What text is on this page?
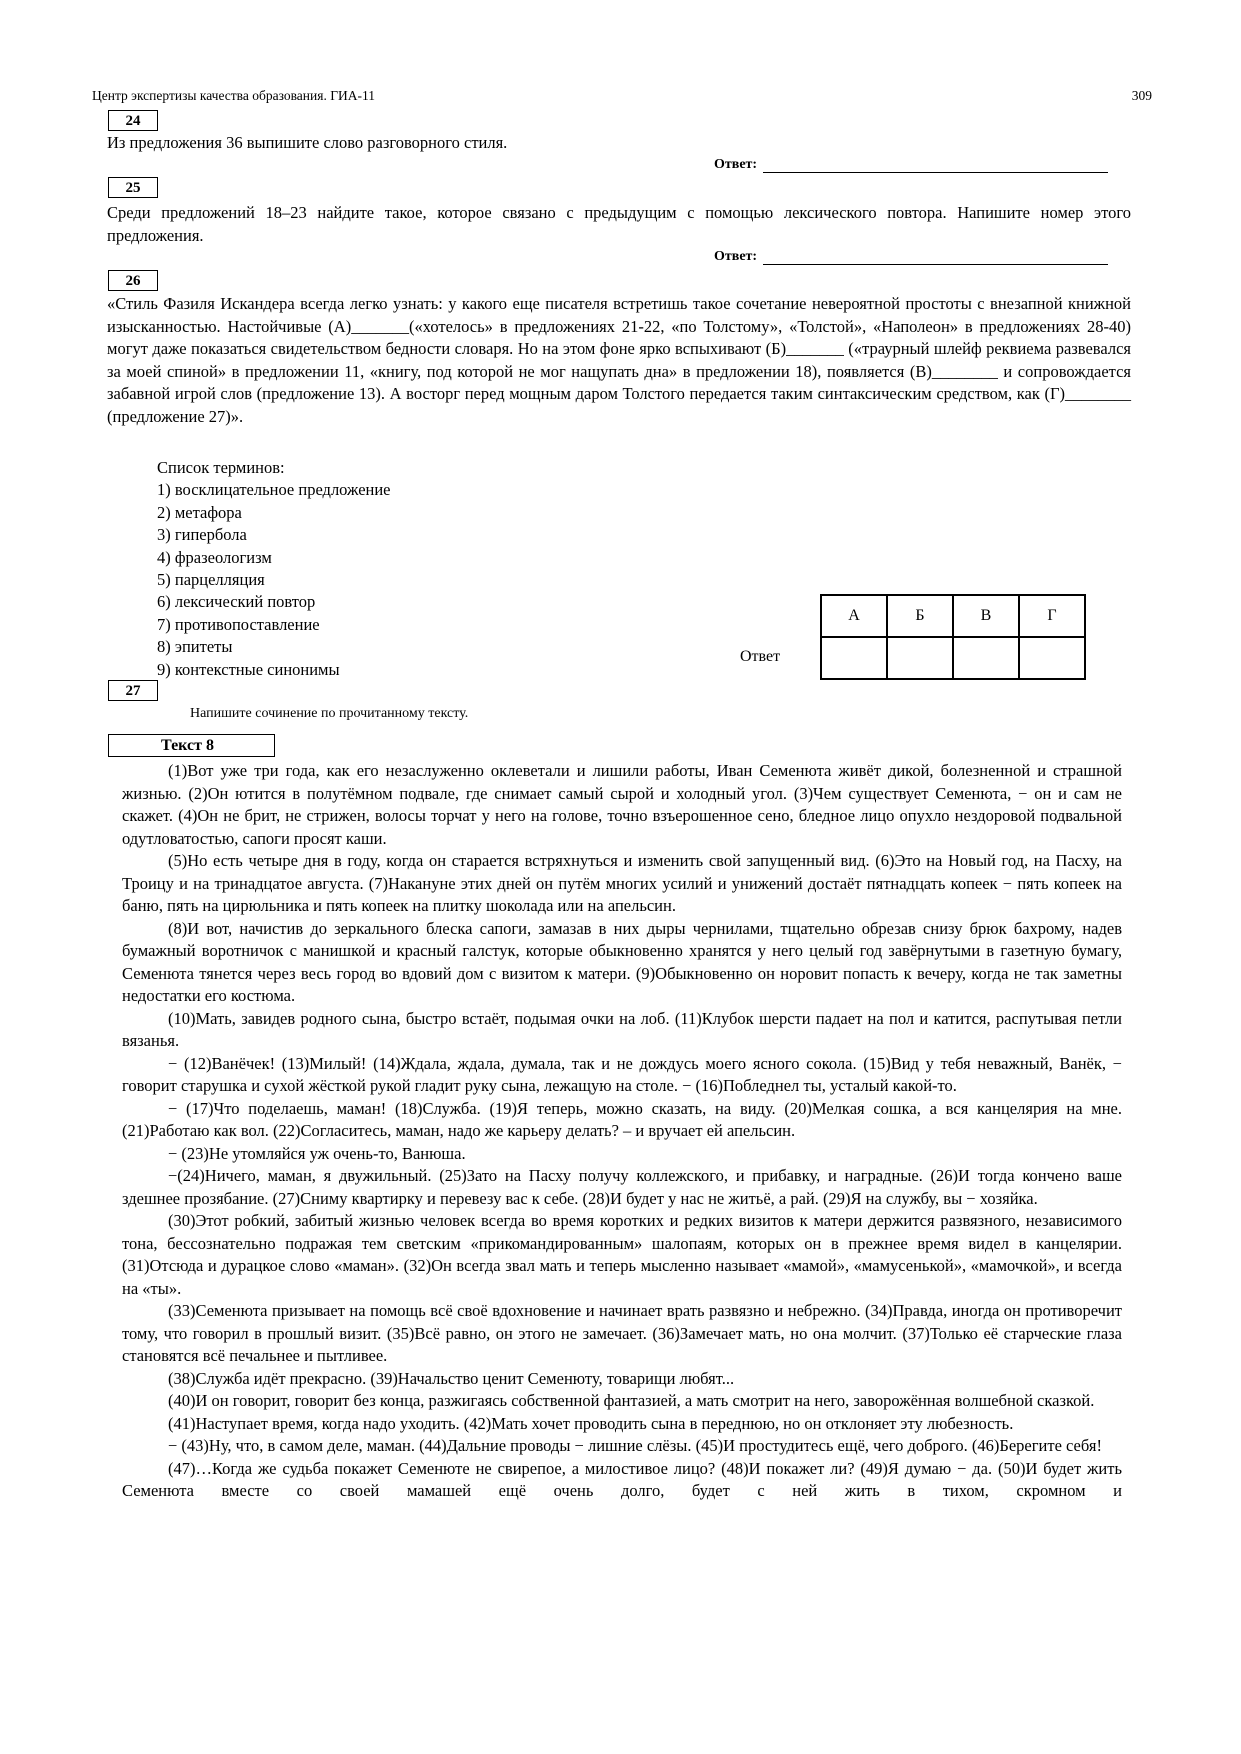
Центр экспертизы качества образования. ГИА-11	309
24

Из предложения 36 выпишите слово разговорного стиля.

Ответ:
25

Среди предложений 18–23 найдите такое, которое связано с предыдущим с помощью лексического повтора. Напишите номер этого предложения.

Ответ:
26

«Стиль Фазиля Искандера всегда легко узнать: у какого еще писателя встретишь такое сочетание невероятной простоты с внезапной книжной изысканностью. Настойчивые (А)_______(«хотелось» в предложениях 21-22, «по Толстому», «Толстой», «Наполеон» в предложениях 28-40) могут даже показаться свидетельством бедности словаря. Но на этом фоне ярко вспыхивают (Б)_______ («траурный шлейф реквиема развевался за моей спиной» в предложении 11, «книгу, под которой не мог нащупать дна» в предложении 18), появляется (В)________ и сопровождается забавной игрой слов (предложение 13). А восторг перед мощным даром Толстого передается таким синтаксическим средством, как (Г)________ (предложение 27)».

Список терминов:
1) восклицательное предложение
2) метафора
3) гипербола
4) фразеологизм
5) парцелляция
6) лексический повтор
7) противопоставление
8) эпитеты
9) контекстные синонимы
Ответ
А	Б	В	Г

27
Напишите сочинение по прочитанному тексту.
Текст 8

(1)Вот уже три года, как его незаслуженно оклеветали и лишили работы, Иван Семенюта живёт дикой, болезненной и страшной жизнью. (2)Он ютится в полутёмном подвале, где снимает самый сырой и холодный угол. (3)Чем существует Семенюта, − он и сам не скажет. (4)Он не брит, не стрижен, волосы торчат у него на голове, точно взъерошенное сено, бледное лицо опухло нездоровой подвальной одутловатостью, сапоги просят каши.

(5)Но есть четыре дня в году, когда он старается встряхнуться и изменить свой запущенный вид. (6)Это на Новый год, на Пасху, на Троицу и на тринадцатое августа. (7)Накануне этих дней он путём многих усилий и унижений достаёт пятнадцать копеек − пять копеек на баню, пять на цирюльника и пять копеек на плитку шоколада или на апельсин.

(8)И вот, начистив до зеркального блеска сапоги, замазав в них дыры чернилами, тщательно обрезав снизу брюк бахрому, надев бумажный воротничок с манишкой и красный галстук, которые обыкновенно хранятся у него целый год завёрнутыми в газетную бумагу, Семенюта тянется через весь город во вдовий дом с визитом к матери. (9)Обыкновенно он норовит попасть к вечеру, когда не так заметны недостатки его костюма.

(10)Мать, завидев родного сына, быстро встаёт, подымая очки на лоб. (11)Клубок шерсти падает на пол и катится, распутывая петли вязанья.

− (12)Ванёчек! (13)Милый! (14)Ждала, ждала, думала, так и не дождусь моего ясного сокола. (15)Вид у тебя неважный, Ванёк, − говорит старушка и сухой жёсткой рукой гладит руку сына, лежащую на столе. − (16)Побледнел ты, усталый какой-то.

− (17)Что поделаешь, маман! (18)Служба. (19)Я теперь, можно сказать, на виду. (20)Мелкая сошка, а вся канцелярия на мне. (21)Работаю как вол. (22)Согласитесь, маман, надо же карьеру делать? – и вручает ей апельсин.

− (23)Не утомляйся уж очень-то, Ванюша.

−(24)Ничего, маман, я двужильный. (25)Зато на Пасху получу коллежского, и прибавку, и наградные. (26)И тогда кончено ваше здешнее прозябание. (27)Сниму квартирку и перевезу вас к себе. (28)И будет у нас не житьё, а рай. (29)Я на службу, вы − хозяйка.

(30)Этот робкий, забитый жизнью человек всегда во время коротких и редких визитов к матери держится развязного, независимого тона, бессознательно подражая тем светским «прикомандированным» шалопаям, которых он в прежнее время видел в канцелярии. (31)Отсюда и дурацкое слово «маман». (32)Он всегда звал мать и теперь мысленно называет «мамой», «мамусенькой», «мамочкой», и всегда на «ты».

(33)Семенюта призывает на помощь всё своё вдохновение и начинает врать развязно и небрежно. (34)Правда, иногда он противоречит тому, что говорил в прошлый визит. (35)Всё равно, он этого не замечает. (36)Замечает мать, но она молчит. (37)Только её старческие глаза становятся всё печальнее и пытливее.

(38)Служба идёт прекрасно. (39)Начальство ценит Семенюту, товарищи любят...

(40)И он говорит, говорит без конца, разжигаясь собственной фантазией, а мать смотрит на него, заворожённая волшебной сказкой.

(41)Наступает время, когда надо уходить. (42)Мать хочет проводить сына в переднюю, но он отклоняет эту любезность.

− (43)Ну, что, в самом деле, маман. (44)Дальние проводы − лишние слёзы. (45)И простудитесь ещё, чего доброго. (46)Берегите себя!

(47)…Когда же судьба покажет Семенюте не свирепое, а милостивое лицо? (48)И покажет ли? (49)Я думаю − да. (50)И будет жить Семенюта вместе со своей мамашей ещё очень долго, будет с ней жить в тихом, скромном и
